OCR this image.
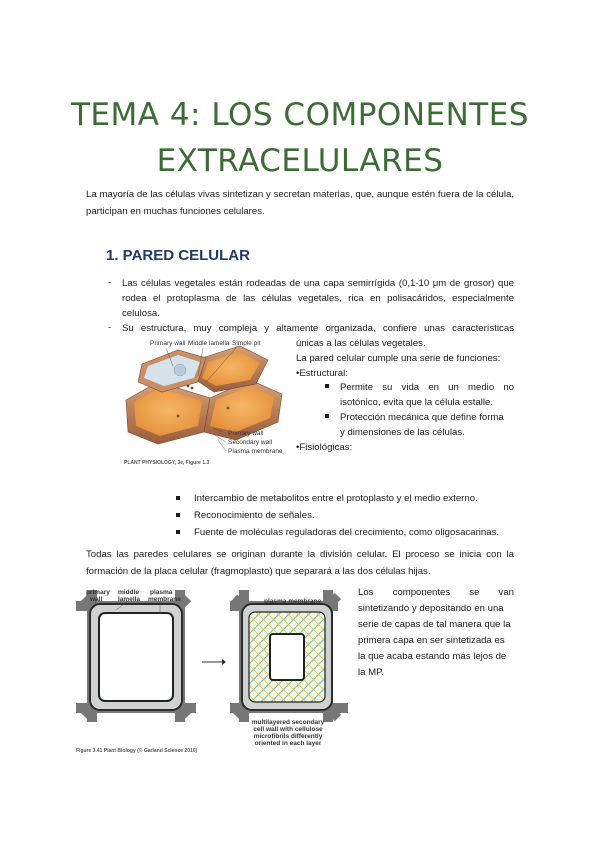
TEMA 4: LOS COMPONENTES
EXTRACELULARES
La mayoría de las células vivas sintetizan y secretan materias, que, aunque estén fuera de la célula, participan en muchas funciones celulares.
1. PARED CELULAR
- Las células vegetales están rodeadas de una capa semirrígida (0,1-10 μm de grosor) que
rodea el protoplasma de las células vegetales, rica en polisacáridos, especialmente
celulosa.
- Su estructura, muy compleja y altamente organizada, confiere unas características
únicas a las células vegetales.
La pared celular cumple una serie de funciones:
•Estructural:
Permite su vida en un medio no
isotónico, evita que la célula estalle.
Protección mecánica que define forma
y dimensiones de las células.
•Fisiológicas:
Primary wall Middle lamella Simple pit
Primary wall
Secondary wall
Plasma membrane
PLANT PHYSIOLOGY, 3e, Figure 1.3
Intercambio de metabolitos entre el protoplasto y el medio externo.
Reconocimiento de señales.
Fuente de moléculas reguladoras del crecimiento, como oligosacarinas.
Todas las paredes celulares se originan durante la división celular. El proceso se inicia con la formación de la placa celular (fragmoplasto) que separará a las dos células hijas.
primary wall
middle lamella
plasma membrane	plasma membrane
multilayered secondary
cell wall with cellulose
microfibrils differently
oriented in each layer
Figure 3.41 Plant Biology (© Garland Science 2010)
Los componentes se van
sintetizando y depositando en una
serie de capas de tal manera que la
primera capa en ser sintetizada es
la que acaba estando más lejos de
la MP.
